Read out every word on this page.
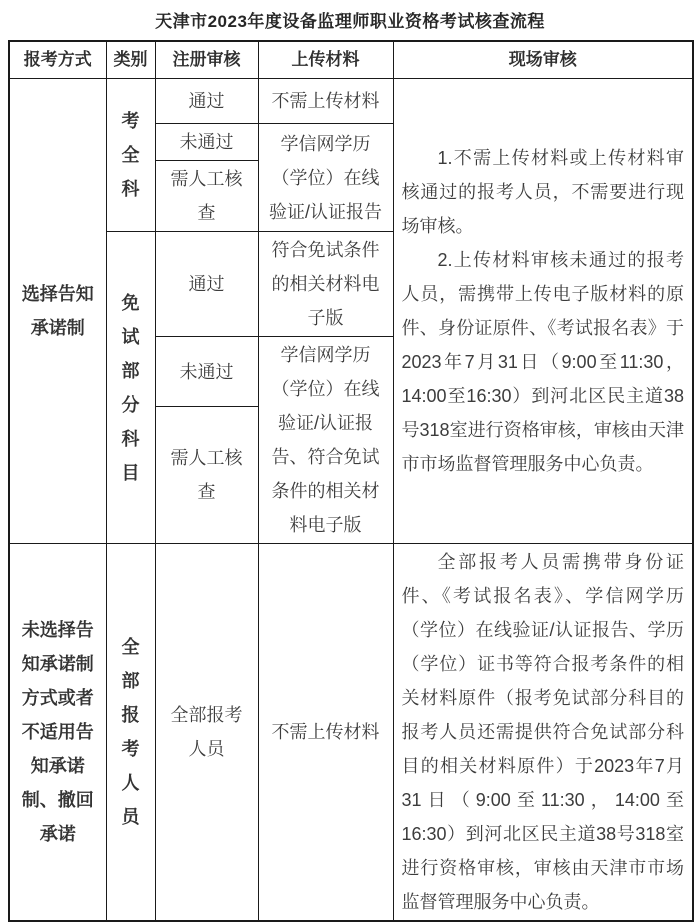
天津市2023年度设备监理师职业资格考试核查流程
报考方式	类别	注册审核	上传材料	现场审核
选择告知承诺制	考全科	通过	不需上传材料	1.不需上传材料或上传材料审核通过的报考人员，不需要进行现场审核。

2.上传材料审核未通过的报考人员，需携带上传电子版材料的原件、身份证原件、《考试报名表》于2023年7月31日（9:00至11:30， 14:00至16:30）到河北区民主道38号318室进行资格审核，审核由天津市市场监督管理服务中心负责。

		未通过	学信网学历（学位）在线验证/认证报告	
		需人工核查		
	免试部分科目	通过	符合免试条件的相关材料电子版	
		未通过	学信网学历（学位）在线验证/认证报告、符合免试条件的相关材料电子版	
		需人工核查		
未选择告知承诺制方式或者不适用告知承诺制、撤回承诺	全部报考人员	全部报考人员	不需上传材料	全部报考人员需携带身份证件、《考试报名表》、学信网学历（学位）在线验证/认证报告、学历（学位）证书等符合报考条件的相关材料原件（报考免试部分科目的报考人员还需提供符合免试部分科目的相关材料原件）于2023年7月31日（9:00至11:30，14:00至16:30）到河北区民主道38号318室进行资格审核，审核由天津市市场监督管理服务中心负责。
